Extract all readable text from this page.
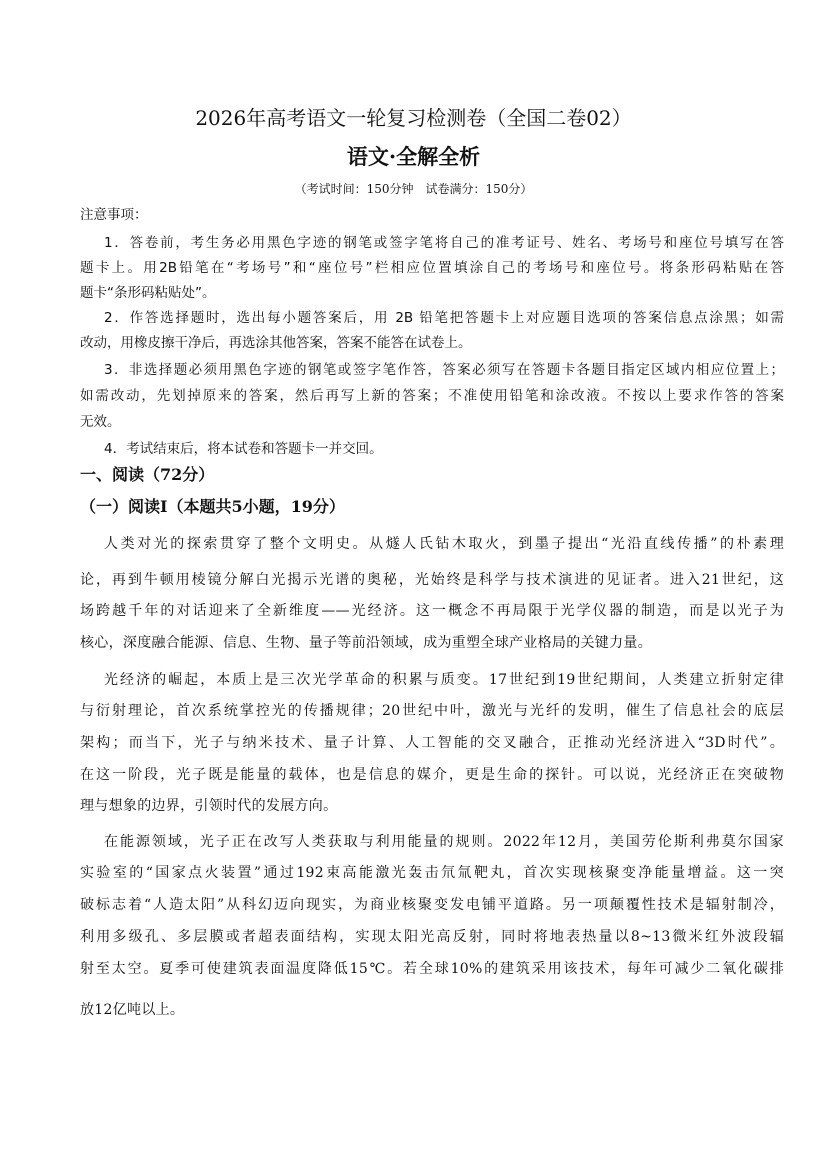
2026年高考语文一轮复习检测卷（全国二卷02）
语文·全解全析
（考试时间：150分钟　试卷满分：150分）
注意事项：
1．答卷前，考生务必用黑色字迹的钢笔或签字笔将自己的准考证号、姓名、考场号和座位号填写在答
题卡上。用2B铅笔在“考场号”和“座位号”栏相应位置填涂自己的考场号和座位号。将条形码粘贴在答
题卡“条形码粘贴处”。
2．作答选择题时，选出每小题答案后，用 2B 铅笔把答题卡上对应题目选项的答案信息点涂黑；如需
改动，用橡皮擦干净后，再选涂其他答案，答案不能答在试卷上。
3．非选择题必须用黑色字迹的钢笔或签字笔作答，答案必须写在答题卡各题目指定区域内相应位置上；
如需改动，先划掉原来的答案，然后再写上新的答案；不准使用铅笔和涂改液。不按以上要求作答的答案
无效。
4．考试结束后，将本试卷和答题卡一并交回。
一、阅读（72分）
（一）阅读Ⅰ（本题共5小题，19分）
人类对光的探索贯穿了整个文明史。从燧人氏钻木取火，到墨子提出“光沿直线传播”的朴素理
论，再到牛顿用棱镜分解白光揭示光谱的奥秘，光始终是科学与技术演进的见证者。进入21世纪，这
场跨越千年的对话迎来了全新维度——光经济。这一概念不再局限于光学仪器的制造，而是以光子为
核心，深度融合能源、信息、生物、量子等前沿领域，成为重塑全球产业格局的关键力量。
光经济的崛起，本质上是三次光学革命的积累与质变。17世纪到19世纪期间，人类建立折射定律
与衍射理论，首次系统掌控光的传播规律；20世纪中叶，激光与光纤的发明，催生了信息社会的底层
架构；而当下，光子与纳米技术、量子计算、人工智能的交叉融合，正推动光经济进入“3D时代”。
在这一阶段，光子既是能量的载体，也是信息的媒介，更是生命的探针。可以说，光经济正在突破物
理与想象的边界，引领时代的发展方向。
在能源领域，光子正在改写人类获取与利用能量的规则。2022年12月，美国劳伦斯利弗莫尔国家
实验室的“国家点火装置”通过192束高能激光轰击氘氚靶丸，首次实现核聚变净能量增益。这一突
破标志着“人造太阳”从科幻迈向现实，为商业核聚变发电铺平道路。另一项颠覆性技术是辐射制冷，
利用多级孔、多层膜或者超表面结构，实现太阳光高反射，同时将地表热量以8~13微米红外波段辐
射至太空。夏季可使建筑表面温度降低15℃。若全球10%的建筑采用该技术，每年可减少二氧化碳排
放12亿吨以上。
